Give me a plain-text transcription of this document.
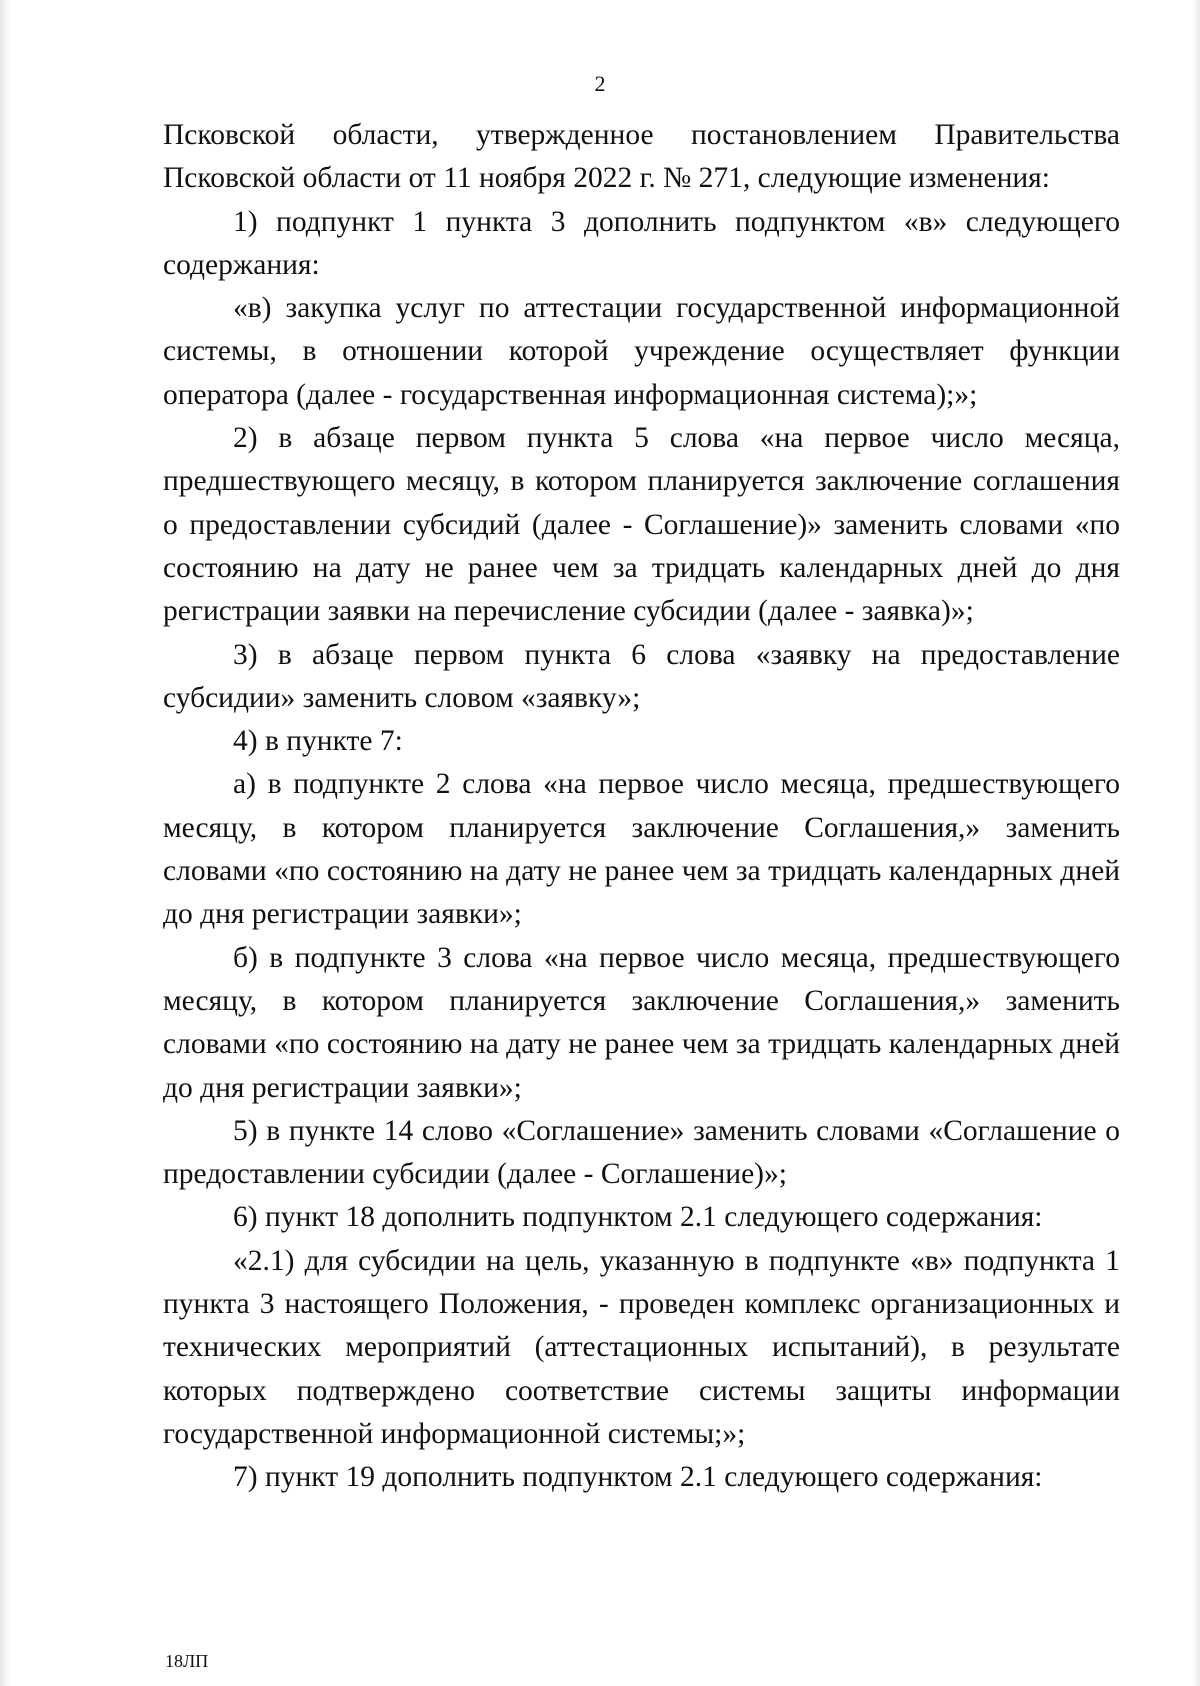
2

Псковской области, утвержденное постановлением Правительства Псковской области от 11 ноября 2022 г. № 271, следующие изменения:

1) подпункт 1 пункта 3 дополнить подпунктом «в» следующего содержания:

«в) закупка услуг по аттестации государственной информационной системы, в отношении которой учреждение осуществляет функции оператора (далее - государственная информационная система);»;

2) в абзаце первом пункта 5 слова «на первое число месяца, предшествующего месяцу, в котором планируется заключение соглашения о предоставлении субсидий (далее - Соглашение)» заменить словами «по состоянию на дату не ранее чем за тридцать календарных дней до дня регистрации заявки на перечисление субсидии (далее - заявка)»;

3) в абзаце первом пункта 6 слова «заявку на предоставление субсидии» заменить словом «заявку»;

4) в пункте 7:

а) в подпункте 2 слова «на первое число месяца, предшествующего месяцу, в котором планируется заключение Соглашения,» заменить словами «по состоянию на дату не ранее чем за тридцать календарных дней до дня регистрации заявки»;

б) в подпункте 3 слова «на первое число месяца, предшествующего месяцу, в котором планируется заключение Соглашения,» заменить словами «по состоянию на дату не ранее чем за тридцать календарных дней до дня регистрации заявки»;

5) в пункте 14 слово «Соглашение» заменить словами «Соглашение о предоставлении субсидии (далее - Соглашение)»;

6) пункт 18 дополнить подпунктом 2.1 следующего содержания:

«2.1) для субсидии на цель, указанную в подпункте «в» подпункта 1 пункта 3 настоящего Положения, - проведен комплекс организационных и технических мероприятий (аттестационных испытаний), в результате которых подтверждено соответствие системы защиты информации государственной информационной системы;»;

7) пункт 19 дополнить подпунктом 2.1 следующего содержания:

18ЛП
